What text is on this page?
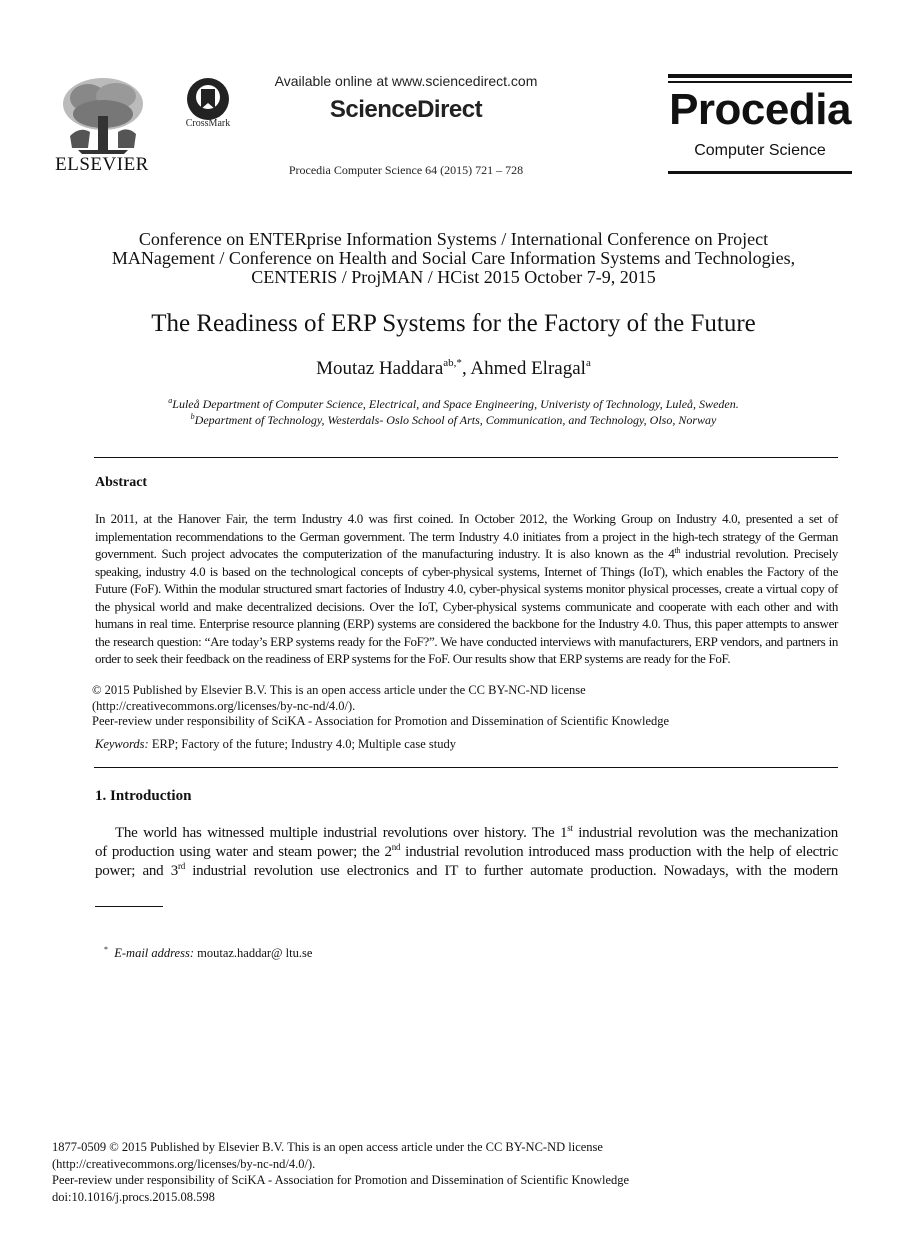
ELSEVIER
CrossMark
Available online at www.sciencedirect.com
ScienceDirect
Procedia Computer Science 64 (2015) 721 – 728
Procedia
Computer Science
Conference on ENTERprise Information Systems / International Conference on Project
MANagement / Conference on Health and Social Care Information Systems and Technologies,
CENTERIS / ProjMAN / HCist 2015 October 7-9, 2015
The Readiness of ERP Systems for the Factory of the Future
Moutaz Haddara$^{ab,*}$, Ahmed Elragal$^a$
$^a$Luleå Department of Computer Science, Electrical, and Space Engineering, Univeristy of Technology, Luleå, Sweden.
$^b$Department of Technology, Westerdals- Oslo School of Arts, Communication, and Technology, Olso, Norway
Abstract
In 2011, at the Hanover Fair, the term Industry 4.0 was first coined. In October 2012, the Working Group on Industry 4.0, presented a set of implementation recommendations to the German government. The term Industry 4.0 initiates from a project in the high-tech strategy of the German government. Such project advocates the computerization of the manufacturing industry. It is also known as the 4th industrial revolution. Precisely speaking, industry 4.0 is based on the technological concepts of cyber-physical systems, Internet of Things (IoT), which enables the Factory of the Future (FoF). Within the modular structured smart factories of Industry 4.0, cyber-physical systems monitor physical processes, create a virtual copy of the physical world and make decentralized decisions. Over the IoT, Cyber-physical systems communicate and cooperate with each other and with humans in real time. Enterprise resource planning (ERP) systems are considered the backbone for the Industry 4.0. Thus, this paper attempts to answer the research question: “Are today’s ERP systems ready for the FoF?”. We have conducted interviews with manufacturers, ERP vendors, and partners in order to seek their feedback on the readiness of ERP systems for the FoF. Our results show that ERP systems are ready for the FoF.
© 2015 Published by Elsevier B.V. This is an open access article under the CC BY-NC-ND license
(http://creativecommons.org/licenses/by-nc-nd/4.0/).
Peer-review under responsibility of SciKA - Association for Promotion and Dissemination of Scientific Knowledge
Keywords: ERP; Factory of the future; Industry 4.0; Multiple case study
1. Introduction
The world has witnessed multiple industrial revolutions over history. The 1st industrial revolution was the mechanization
of production using water and steam power; the 2nd industrial revolution introduced mass production with the help of electric
power; and 3rd industrial revolution use electronics and IT to further automate production. Nowadays, with the modern
* E-mail address: moutaz.haddar@ ltu.se
1877-0509 © 2015 Published by Elsevier B.V. This is an open access article under the CC BY-NC-ND license
(http://creativecommons.org/licenses/by-nc-nd/4.0/).
Peer-review under responsibility of SciKA - Association for Promotion and Dissemination of Scientific Knowledge
doi:10.1016/j.procs.2015.08.598
